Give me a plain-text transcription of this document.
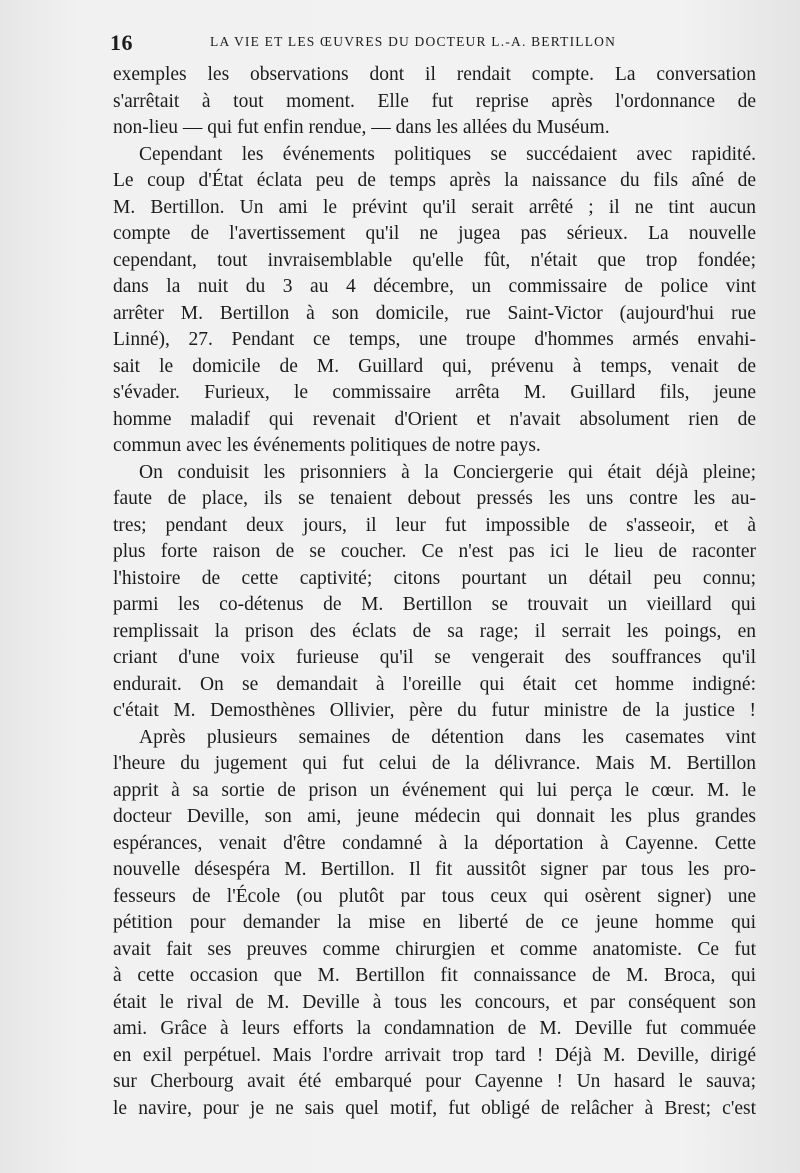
16	LA VIE ET LES ŒUVRES DU DOCTEUR L.-A. BERTILLON
exemples les observations dont il rendait compte. La conversation
s'arrêtait à tout moment. Elle fut reprise après l'ordonnance de
non-lieu — qui fut enfin rendue, — dans les allées du Muséum.
Cependant les événements politiques se succédaient avec rapidité.
Le coup d'État éclata peu de temps après la naissance du fils aîné de
M. Bertillon. Un ami le prévint qu'il serait arrêté ; il ne tint aucun
compte de l'avertissement qu'il ne jugea pas sérieux. La nouvelle
cependant, tout invraisemblable qu'elle fût, n'était que trop fondée;
dans la nuit du 3 au 4 décembre, un commissaire de police vint
arrêter M. Bertillon à son domicile, rue Saint-Victor (aujourd'hui rue
Linné), 27. Pendant ce temps, une troupe d'hommes armés envahi-
sait le domicile de M. Guillard qui, prévenu à temps, venait de
s'évader. Furieux, le commissaire arrêta M. Guillard fils, jeune
homme maladif qui revenait d'Orient et n'avait absolument rien de
commun avec les événements politiques de notre pays.
On conduisit les prisonniers à la Conciergerie qui était déjà pleine;
faute de place, ils se tenaient debout pressés les uns contre les au-
tres; pendant deux jours, il leur fut impossible de s'asseoir, et à
plus forte raison de se coucher. Ce n'est pas ici le lieu de raconter
l'histoire de cette captivité; citons pourtant un détail peu connu;
parmi les co-détenus de M. Bertillon se trouvait un vieillard qui
remplissait la prison des éclats de sa rage; il serrait les poings, en
criant d'une voix furieuse qu'il se vengerait des souffrances qu'il
endurait. On se demandait à l'oreille qui était cet homme indigné:
c'était M. Demosthènes Ollivier, père du futur ministre de la justice !
Après plusieurs semaines de détention dans les casemates vint
l'heure du jugement qui fut celui de la délivrance. Mais M. Bertillon
apprit à sa sortie de prison un événement qui lui perça le cœur. M. le
docteur Deville, son ami, jeune médecin qui donnait les plus grandes
espérances, venait d'être condamné à la déportation à Cayenne. Cette
nouvelle désespéra M. Bertillon. Il fit aussitôt signer par tous les pro-
fesseurs de l'École (ou plutôt par tous ceux qui osèrent signer) une
pétition pour demander la mise en liberté de ce jeune homme qui
avait fait ses preuves comme chirurgien et comme anatomiste. Ce fut
à cette occasion que M. Bertillon fit connaissance de M. Broca, qui
était le rival de M. Deville à tous les concours, et par conséquent son
ami. Grâce à leurs efforts la condamnation de M. Deville fut commuée
en exil perpétuel. Mais l'ordre arrivait trop tard ! Déjà M. Deville, dirigé
sur Cherbourg avait été embarqué pour Cayenne ! Un hasard le sauva;
le navire, pour je ne sais quel motif, fut obligé de relâcher à Brest; c'est
